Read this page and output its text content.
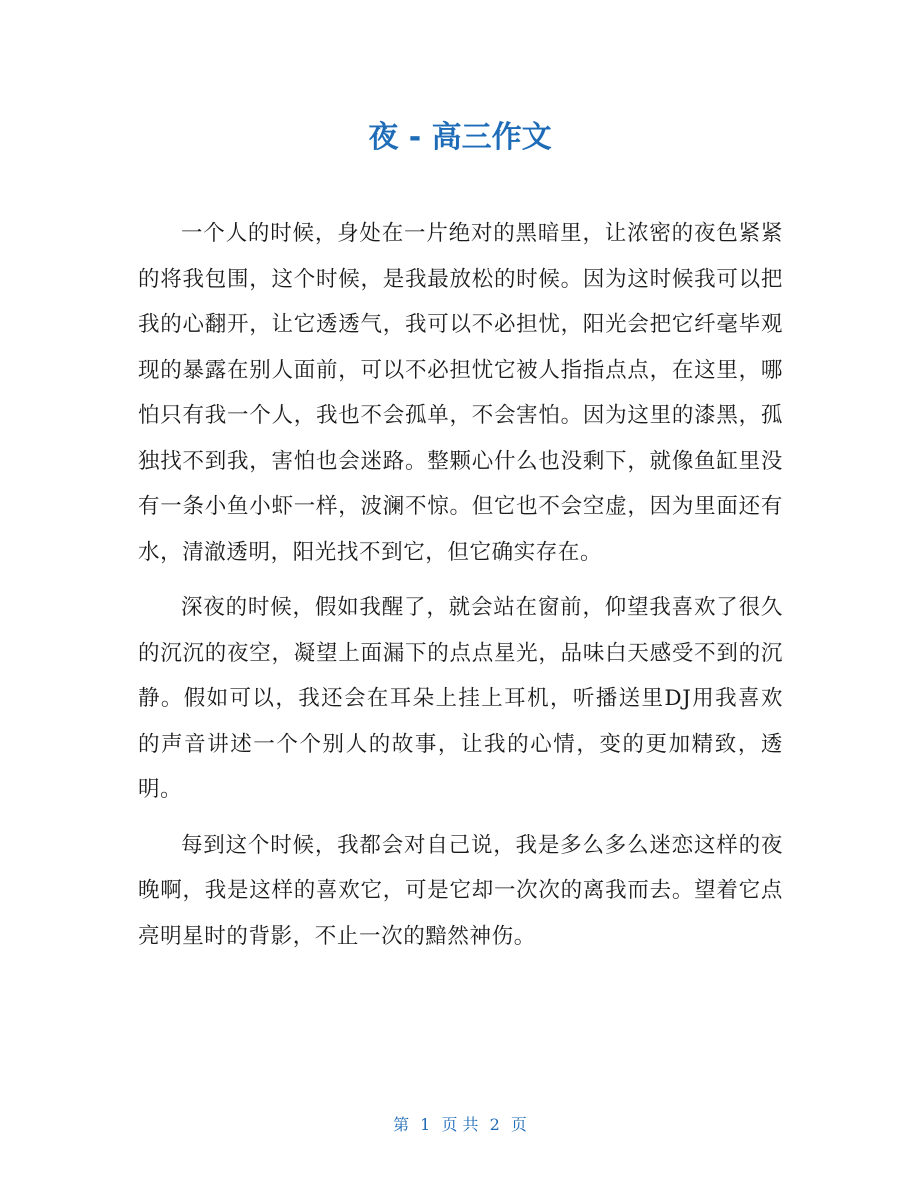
夜 - 高三作文

一个人的时候，身处在一片绝对的黑暗里，让浓密的夜色紧紧的将我包围，这个时候，是我最放松的时候。因为这时候我可以把我的心翻开，让它透透气，我可以不必担忧，阳光会把它纤毫毕观现的暴露在别人面前，可以不必担忧它被人指指点点，在这里，哪怕只有我一个人，我也不会孤单，不会害怕。因为这里的漆黑，孤独找不到我，害怕也会迷路。整颗心什么也没剩下，就像鱼缸里没有一条小鱼小虾一样，波澜不惊。但它也不会空虚，因为里面还有水，清澈透明，阳光找不到它，但它确实存在。

深夜的时候，假如我醒了，就会站在窗前，仰望我喜欢了很久的沉沉的夜空，凝望上面漏下的点点星光，品味白天感受不到的沉静。假如可以，我还会在耳朵上挂上耳机，听播送里DJ用我喜欢的声音讲述一个个别人的故事，让我的心情，变的更加精致，透明。

每到这个时候，我都会对自己说，我是多么多么迷恋这样的夜晚啊，我是这样的喜欢它，可是它却一次次的离我而去。望着它点亮明星时的背影，不止一次的黯然神伤。

第 1 页 共 2 页
